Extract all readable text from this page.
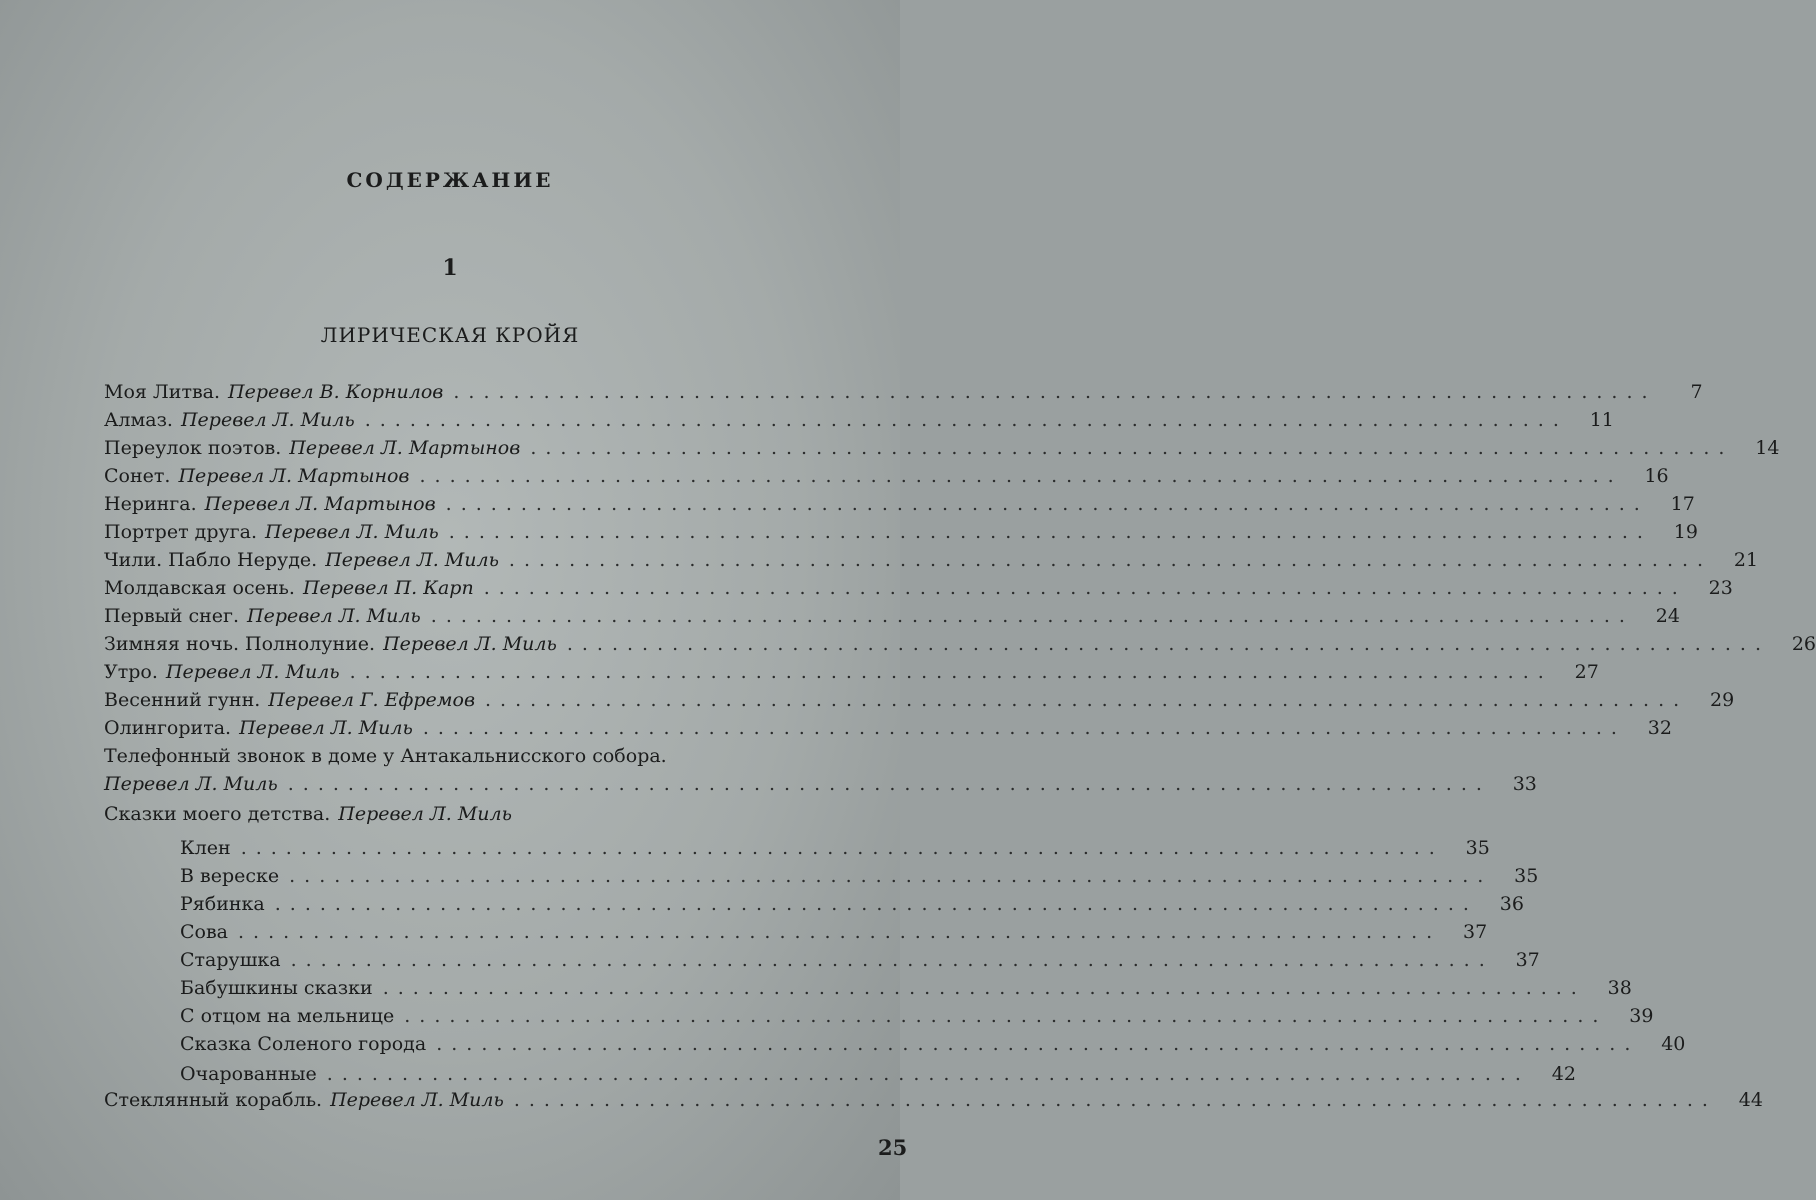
СОДЕРЖАНИЕ
1
ЛИРИЧЕСКАЯ КРОЙЯ
Моя Литва. Перевел В. Корнилов ................................................................................	7
Алмаз. Перевел Л. Миль ................................................................................	11
Переулок поэтов. Перевел Л. Мартынов ................................................................................	14
Сонет. Перевел Л. Мартынов ................................................................................	16
Неринга. Перевел Л. Мартынов ................................................................................	17
Портрет друга. Перевел Л. Миль ................................................................................	19
Чили. Пабло Неруде. Перевел Л. Миль ................................................................................	21
Молдавская осень. Перевел П. Карп ................................................................................	23
Первый снег. Перевел Л. Миль ................................................................................	24
Зимняя ночь. Полнолуние. Перевел Л. Миль ................................................................................	26
Утро. Перевел Л. Миль ................................................................................	27
Весенний гунн. Перевел Г. Ефремов ................................................................................	29
Олингорита. Перевел Л. Миль ................................................................................	32
Телефонный звонок в доме у Антакальнисского собора.
Перевел Л. Миль ................................................................................	33
Сказки моего детства. Перевел Л. Миль
Клен ................................................................................	35
В вереске ................................................................................	35
Рябинка ................................................................................	36
Сова ................................................................................	37
Старушка ................................................................................	37
Бабушкины сказки ................................................................................	38
С отцом на мельнице ................................................................................	39
Сказка Соленого города ................................................................................	40
Очарованные ................................................................................	42
Стеклянный корабль. Перевел Л. Миль ................................................................................	44
25
